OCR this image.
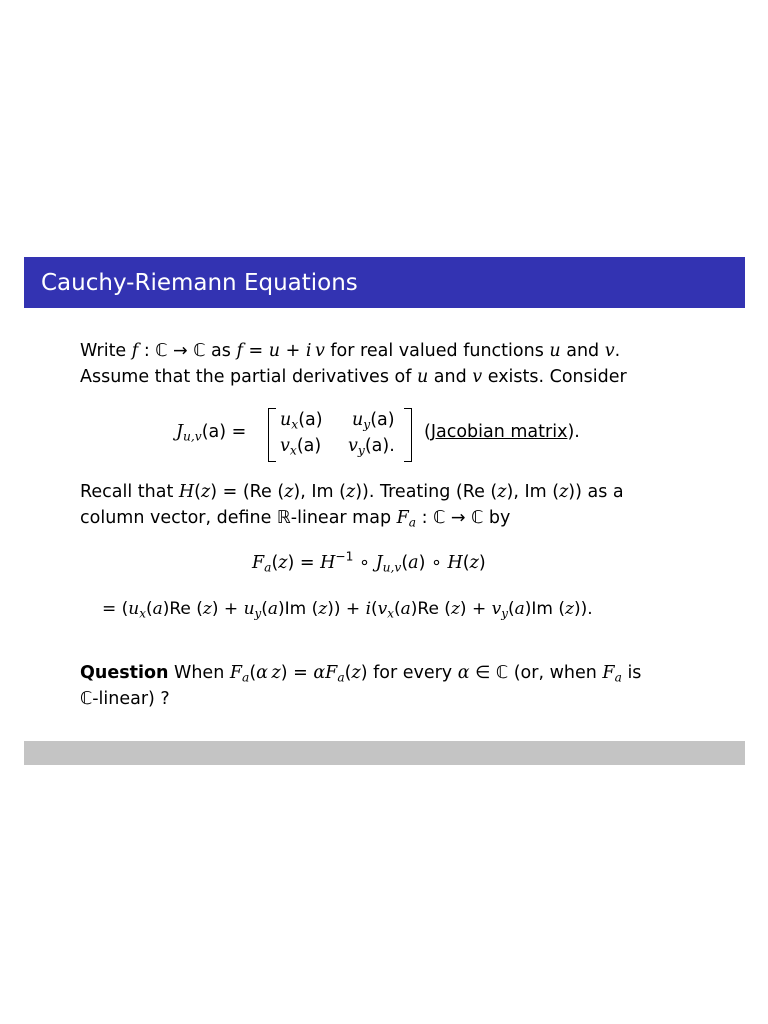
Cauchy-Riemann Equations
Write f : ℂ → ℂ as f = u + i  v for real valued functions u and v.
Assume that the partial derivatives of u and v exists. Consider
$J_{u,v}(a)$ =
$u_x(a)$ $u_y(a)$
$v_x(a)$ $v_y(a)$.
(Jacobian matrix).
Recall that H(z) = (Re (z), Im (z)). Treating (Re (z), Im (z)) as a
column vector, define ℝ-linear map $F_a$ : ℂ → ℂ by
$F_a(z) = H^{-1}$ ∘ $J_{u,v}(a)$ ∘ H(z)
= ($u_x(a)Re$ $(z) + u_y(a)Im$ $(z)) + i(v_x(a)Re$ $(z) + v_y(a)Im$ (z)).
Question When $F_a(\alpha$  $z) = \alpha F_a(z)$ for every α ∈ ℂ (or, when $F_a$ is
ℂ-linear) ?
